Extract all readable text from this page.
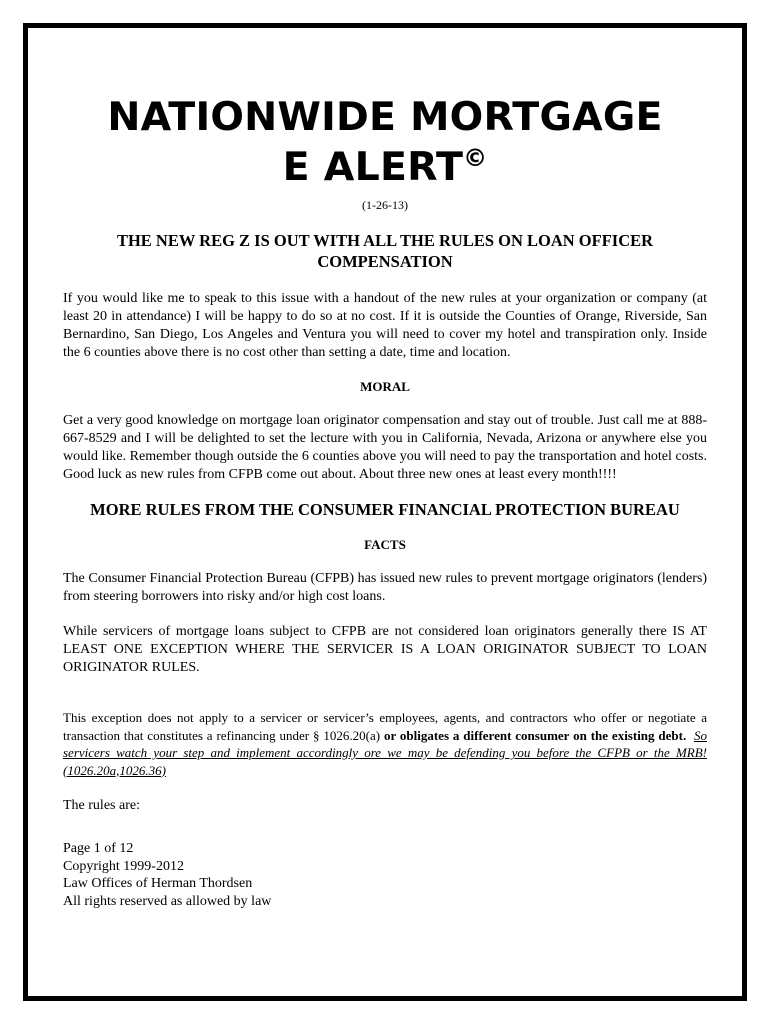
NATIONWIDE MORTGAGE
E ALERT©
(1-26-13)
THE NEW REG Z IS OUT WITH ALL THE RULES ON LOAN OFFICER COMPENSATION

If you would like me to speak to this issue with a handout of the new rules at your organization or company (at least 20 in attendance) I will be happy to do so at no cost. If it is outside the Counties of Orange, Riverside, San Bernardino, San Diego, Los Angeles and Ventura you will need to cover my hotel and transpiration only. Inside the 6 counties above there is no cost other than setting a date, time and location.

MORAL

Get a very good knowledge on mortgage loan originator compensation and stay out of trouble. Just call me at 888-667-8529 and I will be delighted to set the lecture with you in California, Nevada, Arizona or anywhere else you would like. Remember though outside the 6 counties above you will need to pay the transportation and hotel costs. Good luck as new rules from CFPB come out about. About three new ones at least every month!!!!

MORE RULES FROM THE CONSUMER FINANCIAL PROTECTION BUREAU
FACTS

The Consumer Financial Protection Bureau (CFPB) has issued new rules to prevent mortgage originators (lenders) from steering borrowers into risky and/or high cost loans.

While servicers of mortgage loans subject to CFPB are not considered loan originators generally there IS AT LEAST ONE EXCEPTION WHERE THE SERVICER IS A LOAN ORIGINATOR SUBJECT TO LOAN ORIGINATOR RULES.

This exception does not apply to a servicer or servicer’s employees, agents, and contractors who offer or negotiate a transaction that constitutes a refinancing under § 1026.20(a) or obligates a different consumer on the existing debt. So servicers watch your step and implement accordingly ore we may be defending you before the CFPB or the MRB! (1026.20a,1026.36)

The rules are:

Page 1 of 12

Copyright 1999-2012

Law Offices of Herman Thordsen

All rights reserved as allowed by law
